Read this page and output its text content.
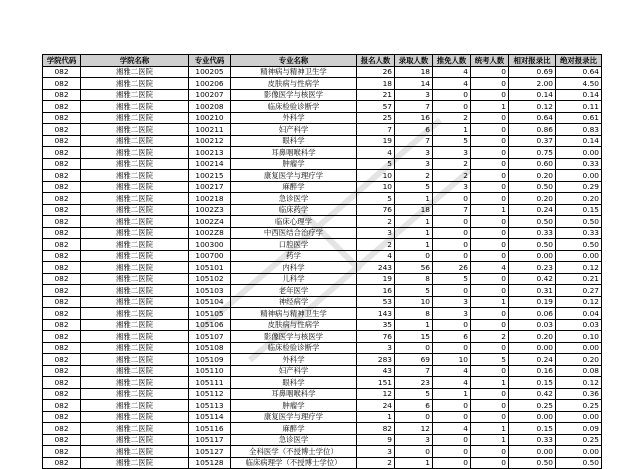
学院代码	学院名称	专业代码	专业名称	报名人数	录取人数	推免人数	统考人数	相对报录比	绝对报录比
082	湘雅二医院	100205	精神病与精神卫生学	26	18	4	0	0.69	0.64
082	湘雅二医院	100206	皮肤病与性病学	18	14	4	0	2.00	4.50
082	湘雅二医院	100207	影像医学与核医学	21	3	0	0	0.14	0.14
082	湘雅二医院	100208	临床检验诊断学	57	7	0	1	0.12	0.11
082	湘雅二医院	100210	外科学	25	16	2	0	0.64	0.61
082	湘雅二医院	100211	妇产科学	7	6	1	0	0.86	0.83
082	湘雅二医院	100212	眼科学	19	7	5	0	0.37	0.14
082	湘雅二医院	100213	耳鼻咽喉科学	4	3	3	0	0.75	0.00
082	湘雅二医院	100214	肿瘤学	5	3	2	0	0.60	0.33
082	湘雅二医院	100215	康复医学与理疗学	10	2	2	0	0.20	0.00
082	湘雅二医院	100217	麻醉学	10	5	3	0	0.50	0.29
082	湘雅二医院	100218	急诊医学	5	1	0	0	0.20	0.20
082	湘雅二医院	1002Z3	临床药学	76	18	7	1	0.24	0.15
082	湘雅二医院	1002Z4	临床心理学	2	1	0	0	0.50	0.50
082	湘雅二医院	1002Z8	中西医结合治疗学	3	1	0	0	0.33	0.33
082	湘雅二医院	100300	口腔医学	2	1	0	0	0.50	0.50
082	湘雅二医院	100700	药学	4	0	0	0	0.00	0.00
082	湘雅二医院	105101	内科学	243	56	26	4	0.23	0.12
082	湘雅二医院	105102	儿科学	19	8	5	0	0.42	0.21
082	湘雅二医院	105103	老年医学	16	5	0	0	0.31	0.27
082	湘雅二医院	105104	神经病学	53	10	3	1	0.19	0.12
082	湘雅二医院	105105	精神病与精神卫生学	143	8	3	0	0.06	0.04
082	湘雅二医院	105106	皮肤病与性病学	35	1	0	0	0.03	0.03
082	湘雅二医院	105107	影像医学与核医学	76	15	6	2	0.20	0.10
082	湘雅二医院	105108	临床检验诊断学	3	0	0	0	0.00	0.00
082	湘雅二医院	105109	外科学	283	69	10	5	0.24	0.20
082	湘雅二医院	105110	妇产科学	43	7	4	0	0.16	0.08
082	湘雅二医院	105111	眼科学	151	23	4	1	0.15	0.12
082	湘雅二医院	105112	耳鼻咽喉科学	12	5	1	0	0.42	0.36
082	湘雅二医院	105113	肿瘤学	24	6	0	0	0.25	0.25
082	湘雅二医院	105114	康复医学与理疗学	1	0	0	0	0.00	0.00
082	湘雅二医院	105116	麻醉学	82	12	4	1	0.15	0.09
082	湘雅二医院	105117	急诊医学	9	3	0	1	0.33	0.25
082	湘雅二医院	105127	全科医学（不授博士学位）	3	0	0	0	0.00	0.00
082	湘雅二医院	105128	临床病理学（不授博士学位）	2	1	0	0	0.50	0.50
